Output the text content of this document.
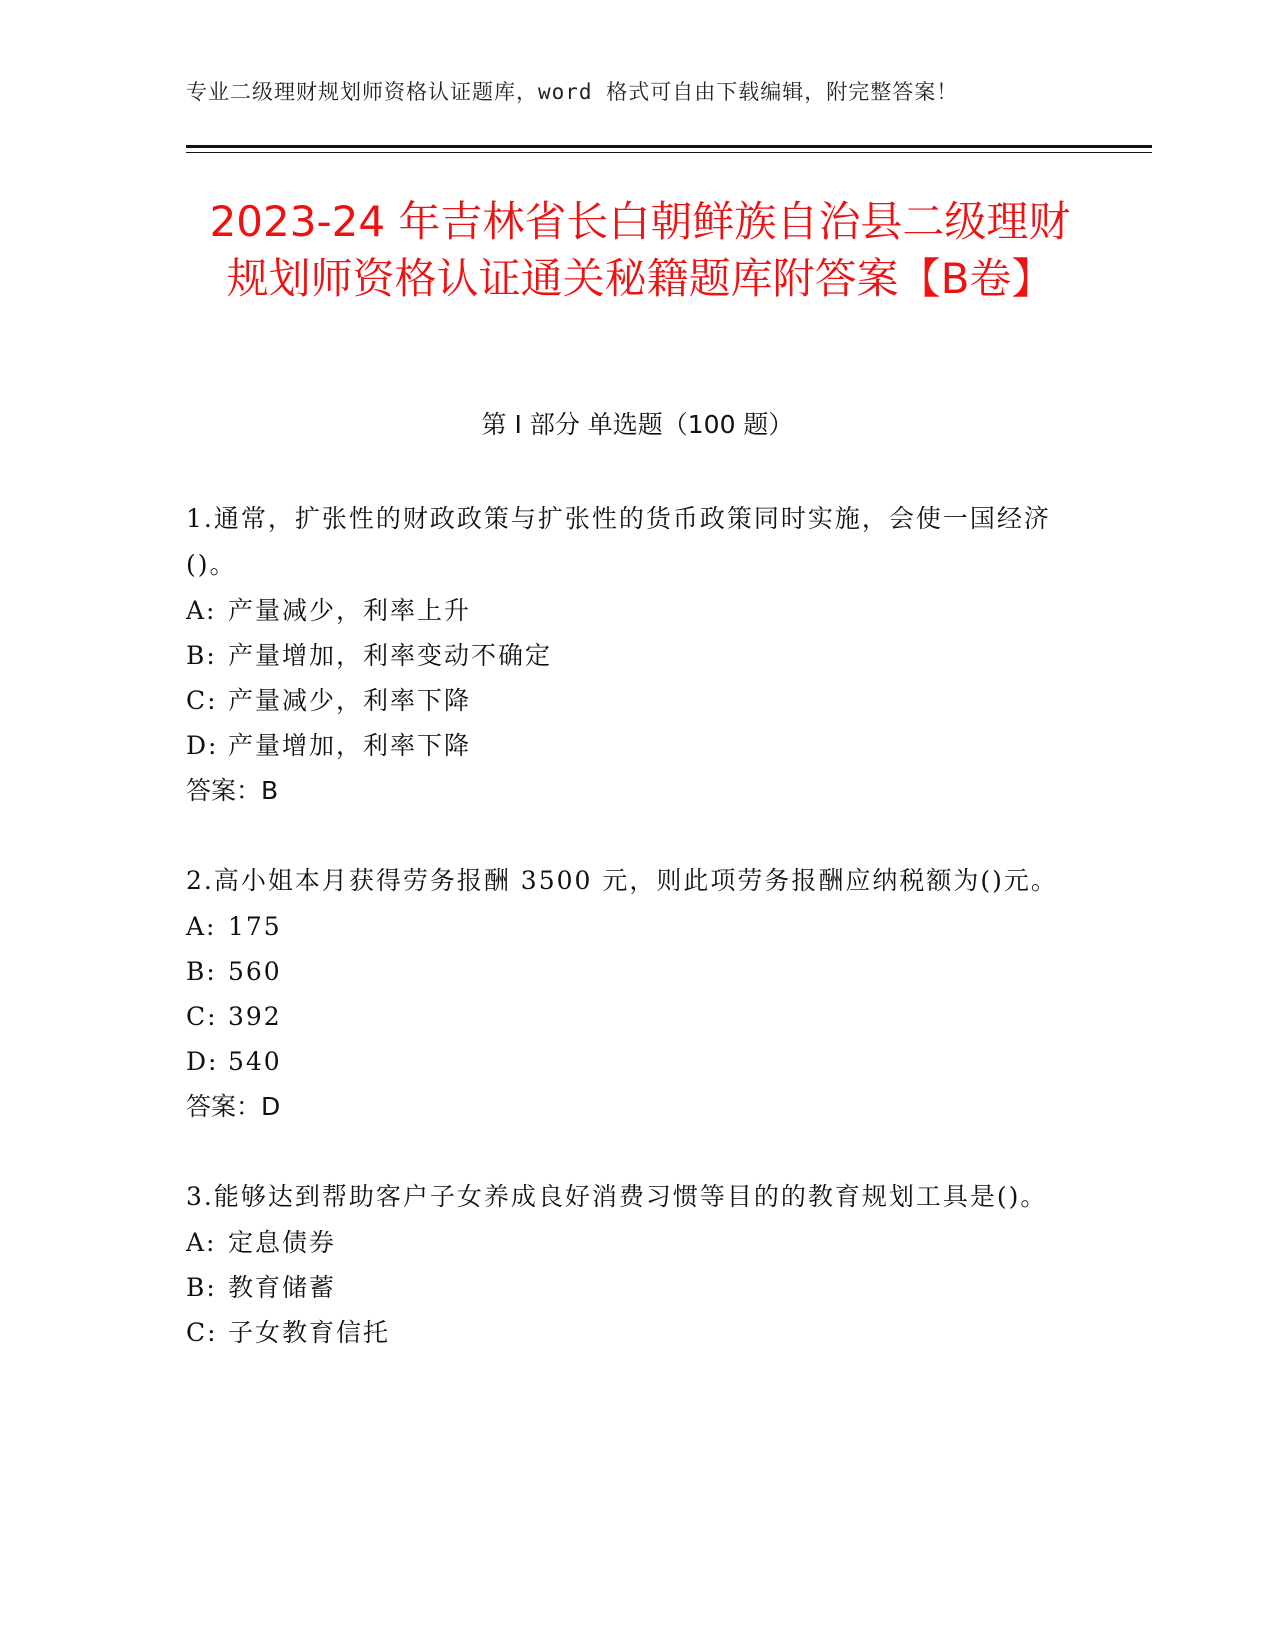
专业二级理财规划师资格认证题库，word 格式可自由下载编辑，附完整答案！
2023-24 年吉林省长白朝鲜族自治县二级理财规划师资格认证通关秘籍题库附答案【B卷】
第 I 部分 单选题（100 题）
1.通常，扩张性的财政政策与扩张性的货币政策同时实施，会使一国经济()。
A: 产量减少，利率上升
B: 产量增加，利率变动不确定
C: 产量减少，利率下降
D: 产量增加，利率下降
答案：B
2.高小姐本月获得劳务报酬 3500 元，则此项劳务报酬应纳税额为()元。
A: 175
B: 560
C: 392
D: 540
答案：D
3.能够达到帮助客户子女养成良好消费习惯等目的的教育规划工具是()。
A: 定息债券
B: 教育储蓄
C: 子女教育信托
